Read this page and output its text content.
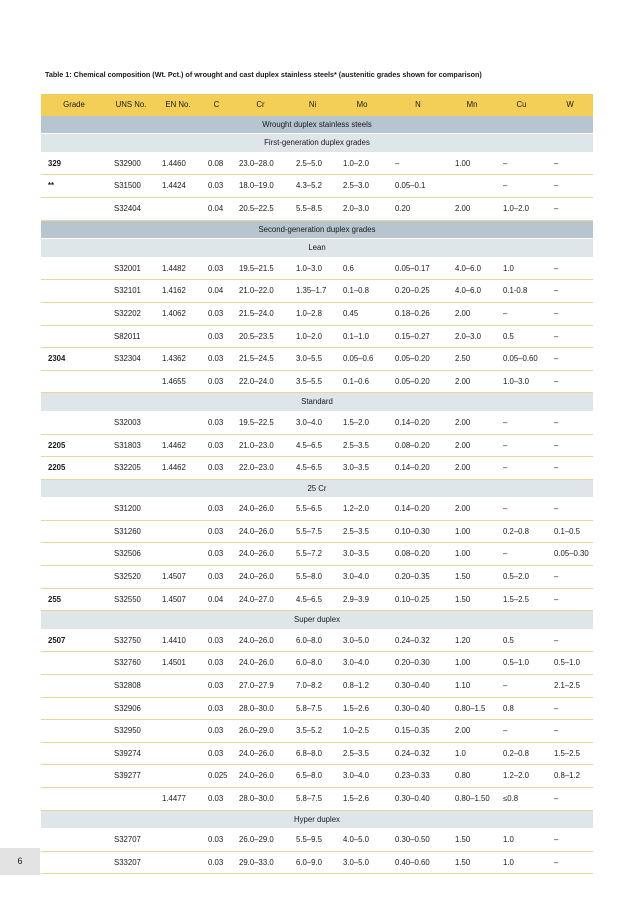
Table 1: Chemical composition (Wt. Pct.) of wrought and cast duplex stainless steels* (austenitic grades shown for comparison)
Grade	UNS No.	EN No.	C	Cr	Ni	Mo	N	Mn	Cu	W
Wrought duplex stainless steels										
First-generation duplex grades										
329	S32900	1.4460	0.08	23.0–28.0	2.5–5.0	1.0–2.0	–	1.00	–	–
**	S31500	1.4424	0.03	18.0–19.0	4.3–5.2	2.5–3.0	0.05–0.1		–	–
	S32404		0.04	20.5–22.5	5.5–8.5	2.0–3.0	0.20	2.00	1.0–2.0	–
Second-generation duplex grades										
Lean										
	S32001	1.4482	0.03	19.5–21.5	1.0–3.0	0.6	0.05–0.17	4.0–6.0	1.0	–
	S32101	1.4162	0.04	21.0–22.0	1.35–1.7	0.1–0.8	0.20–0.25	4.0–6.0	0.1-0.8	–
	S32202	1.4062	0.03	21.5–24.0	1.0–2.8	0.45	0.18–0.26	2.00	–	–
	S82011		0.03	20.5–23.5	1.0–2.0	0.1–1.0	0.15–0.27	2.0–3.0	0.5	–
2304	S32304	1.4362	0.03	21.5–24.5	3.0–5.5	0.05–0.6	0.05–0.20	2.50	0.05–0.60	–
		1.4655	0.03	22.0–24.0	3.5–5.5	0.1–0.6	0.05–0.20	2.00	1.0–3.0	–
Standard										
	S32003		0.03	19.5–22.5	3.0–4.0	1.5–2.0	0.14–0.20	2.00	–	–
2205	S31803	1.4462	0.03	21.0–23.0	4.5–6.5	2.5–3.5	0.08–0.20	2.00	–	–
2205	S32205	1.4462	0.03	22.0–23.0	4.5–6.5	3.0–3.5	0.14–0.20	2.00	–	–
25 Cr										
	S31200		0.03	24.0–26.0	5.5–6.5	1.2–2.0	0.14–0.20	2.00	–	–
	S31260		0.03	24.0–26.0	5.5–7.5	2.5–3.5	0.10–0.30	1.00	0.2–0.8	0.1–0.5
	S32506		0.03	24.0–26.0	5.5–7.2	3.0–3.5	0.08–0.20	1.00	–	0.05–0.30
	S32520	1.4507	0.03	24.0–26.0	5.5–8.0	3.0–4.0	0.20–0.35	1.50	0.5–2.0	–
255	S32550	1.4507	0.04	24.0–27.0	4.5–6.5	2.9–3.9	0.10–0.25	1.50	1.5–2.5	–
Super duplex										
2507	S32750	1.4410	0.03	24.0–26.0	6.0–8.0	3.0–5.0	0.24–0.32	1.20	0.5	–
	S32760	1.4501	0.03	24.0–26.0	6.0–8.0	3.0–4.0	0.20–0.30	1.00	0.5–1.0	0.5–1.0
	S32808		0.03	27.0–27.9	7.0–8.2	0.8–1.2	0.30–0.40	1.10	–	2.1–2.5
	S32906		0.03	28.0–30.0	5.8–7.5	1.5–2.6	0.30–0.40	0.80–1.5	0.8	–
	S32950		0.03	26.0–29.0	3.5–5.2	1.0–2.5	0.15–0.35	2.00	–	–
	S39274		0.03	24.0–26.0	6.8–8.0	2.5–3.5	0.24–0.32	1.0	0.2–0.8	1.5–2.5
	S39277		0.025	24.0–26.0	6.5–8.0	3.0–4.0	0.23–0.33	0.80	1.2–2.0	0.8–1.2
		1.4477	0.03	28.0–30.0	5.8–7.5	1.5–2.6	0.30–0.40	0.80–1.50	≤0.8	–
Hyper duplex										
	S32707		0.03	26.0–29.0	5.5–9.5	4.0–5.0	0.30–0.50	1.50	1.0	–
	S33207		0.03	29.0–33.0	6.0–9.0	3.0–5.0	0.40–0.60	1.50	1.0	–
6
